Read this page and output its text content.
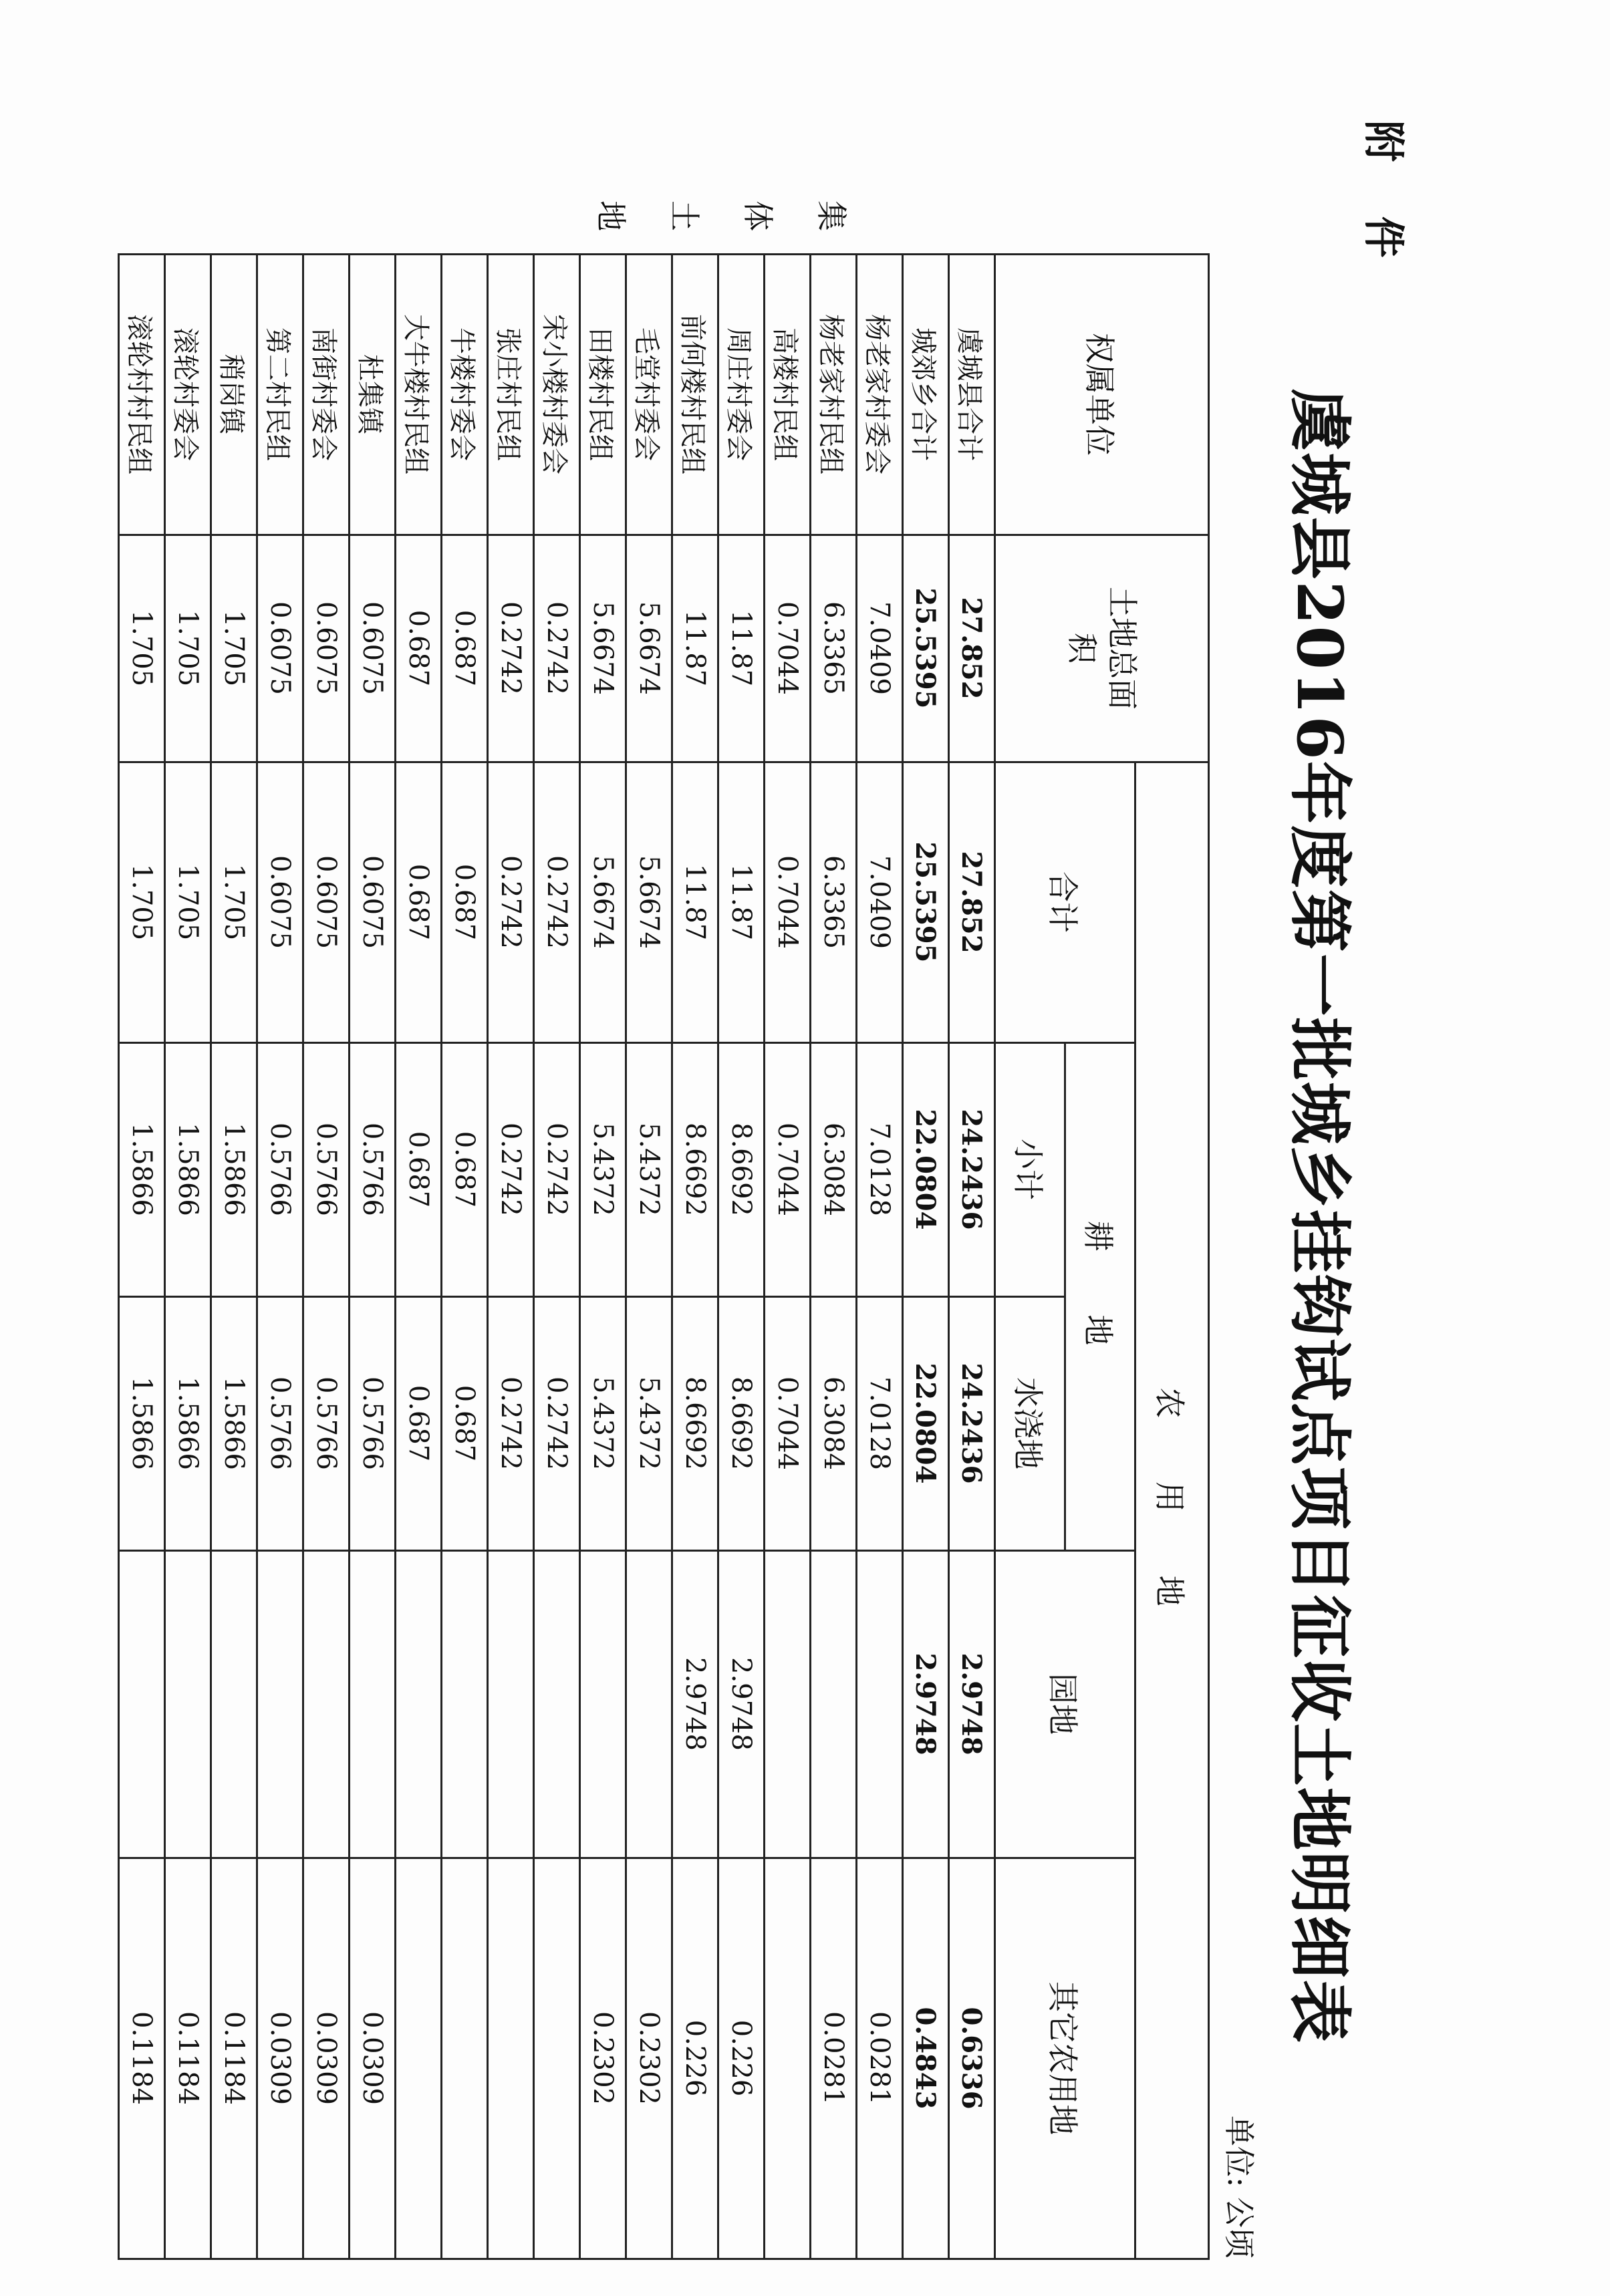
附 件
虞城县2016年度第一批城乡挂钩试点项目征收土地明细表
单位: 公顷
	权属单位	土地总面积	农 用 地				
			合计	耕 地		园地	其它农用地
				小计	水浇地		
	虞城县合计	27.852	27.852	24.2436	24.2436	2.9748	0.6336
	城郊乡合计	25.5395	25.5395	22.0804	22.0804	2.9748	0.4843
	杨老家村委会	7.0409	7.0409	7.0128	7.0128		0.0281
	杨老家村民组	6.3365	6.3365	6.3084	6.3084		0.0281
	高楼村民组	0.7044	0.7044	0.7044	0.7044		
	周庄村委会	11.87	11.87	8.6692	8.6692	2.9748	0.226
	前何楼村民组	11.87	11.87	8.6692	8.6692	2.9748	0.226
	毛堂村委会	5.6674	5.6674	5.4372	5.4372		0.2302
	田楼村民组	5.6674	5.6674	5.4372	5.4372		0.2302
	宋小楼村委会	0.2742	0.2742	0.2742	0.2742		
	张庄村民组	0.2742	0.2742	0.2742	0.2742		
	牛楼村委会	0.687	0.687	0.687	0.687		
	大牛楼村民组	0.687	0.687	0.687	0.687		
	杜集镇	0.6075	0.6075	0.5766	0.5766		0.0309
	南街村委会	0.6075	0.6075	0.5766	0.5766		0.0309
	第二村民组	0.6075	0.6075	0.5766	0.5766		0.0309
	稍岗镇	1.705	1.705	1.5866	1.5866		0.1184
	滚轮村委会	1.705	1.705	1.5866	1.5866		0.1184
	滚轮村村民组	1.705	1.705	1.5866	1.5866		0.1184
集
体
土
地
